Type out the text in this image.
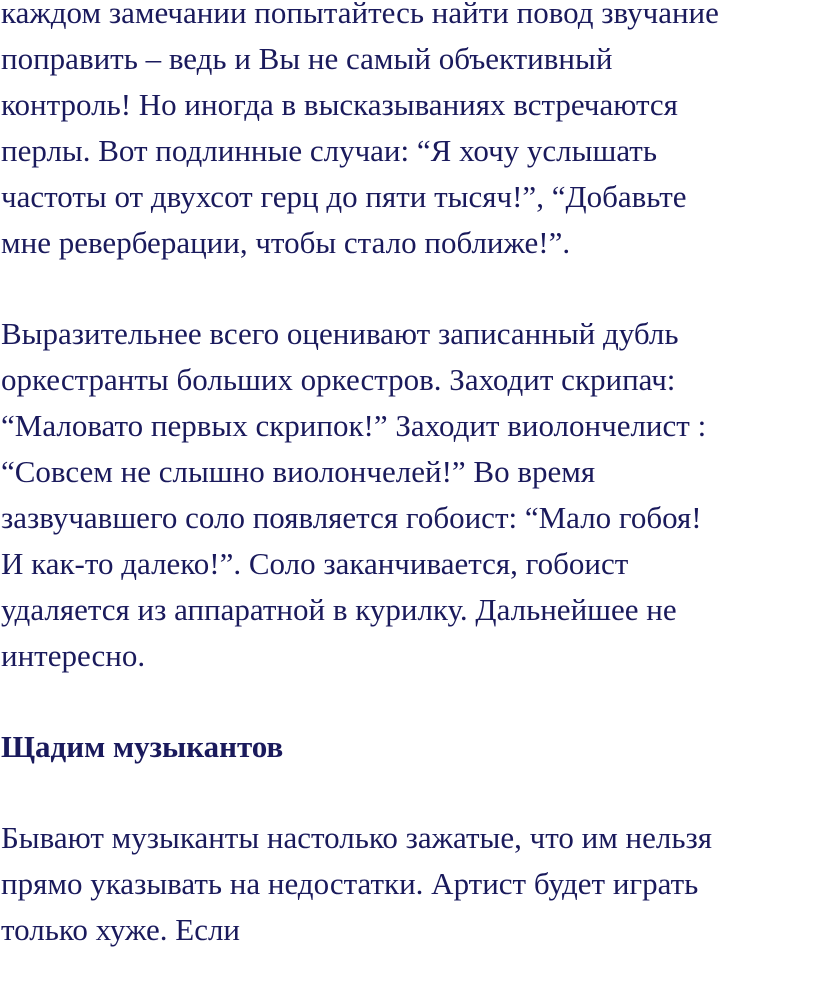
каждом замечании попытайтесь найти повод звучание
поправить – ведь и Вы не самый объективный
контроль! Но иногда в высказываниях встречаются
перлы. Вот подлинные случаи: “Я хочу услышать
частоты от двухсот герц до пяти тысяч!”, “Добавьте
мне реверберации, чтобы стало поближе!”.
Выразительнее всего оценивают записанный дубль
оркестранты больших оркестров. Заходит скрипач:
“Маловато первых скрипок!” Заходит виолончелист :
“Совсем не слышно виолончелей!” Во время
зазвучавшего соло появляется гобоист: “Мало гобоя!
И как-то далеко!”. Соло заканчивается, гобоист
удаляется из аппаратной в курилку. Дальнейшее не
интересно.
Щадим музыкантов
Бывают музыканты настолько зажатые, что им нельзя
прямо указывать на недостатки. Артист будет играть
только хуже. Если
